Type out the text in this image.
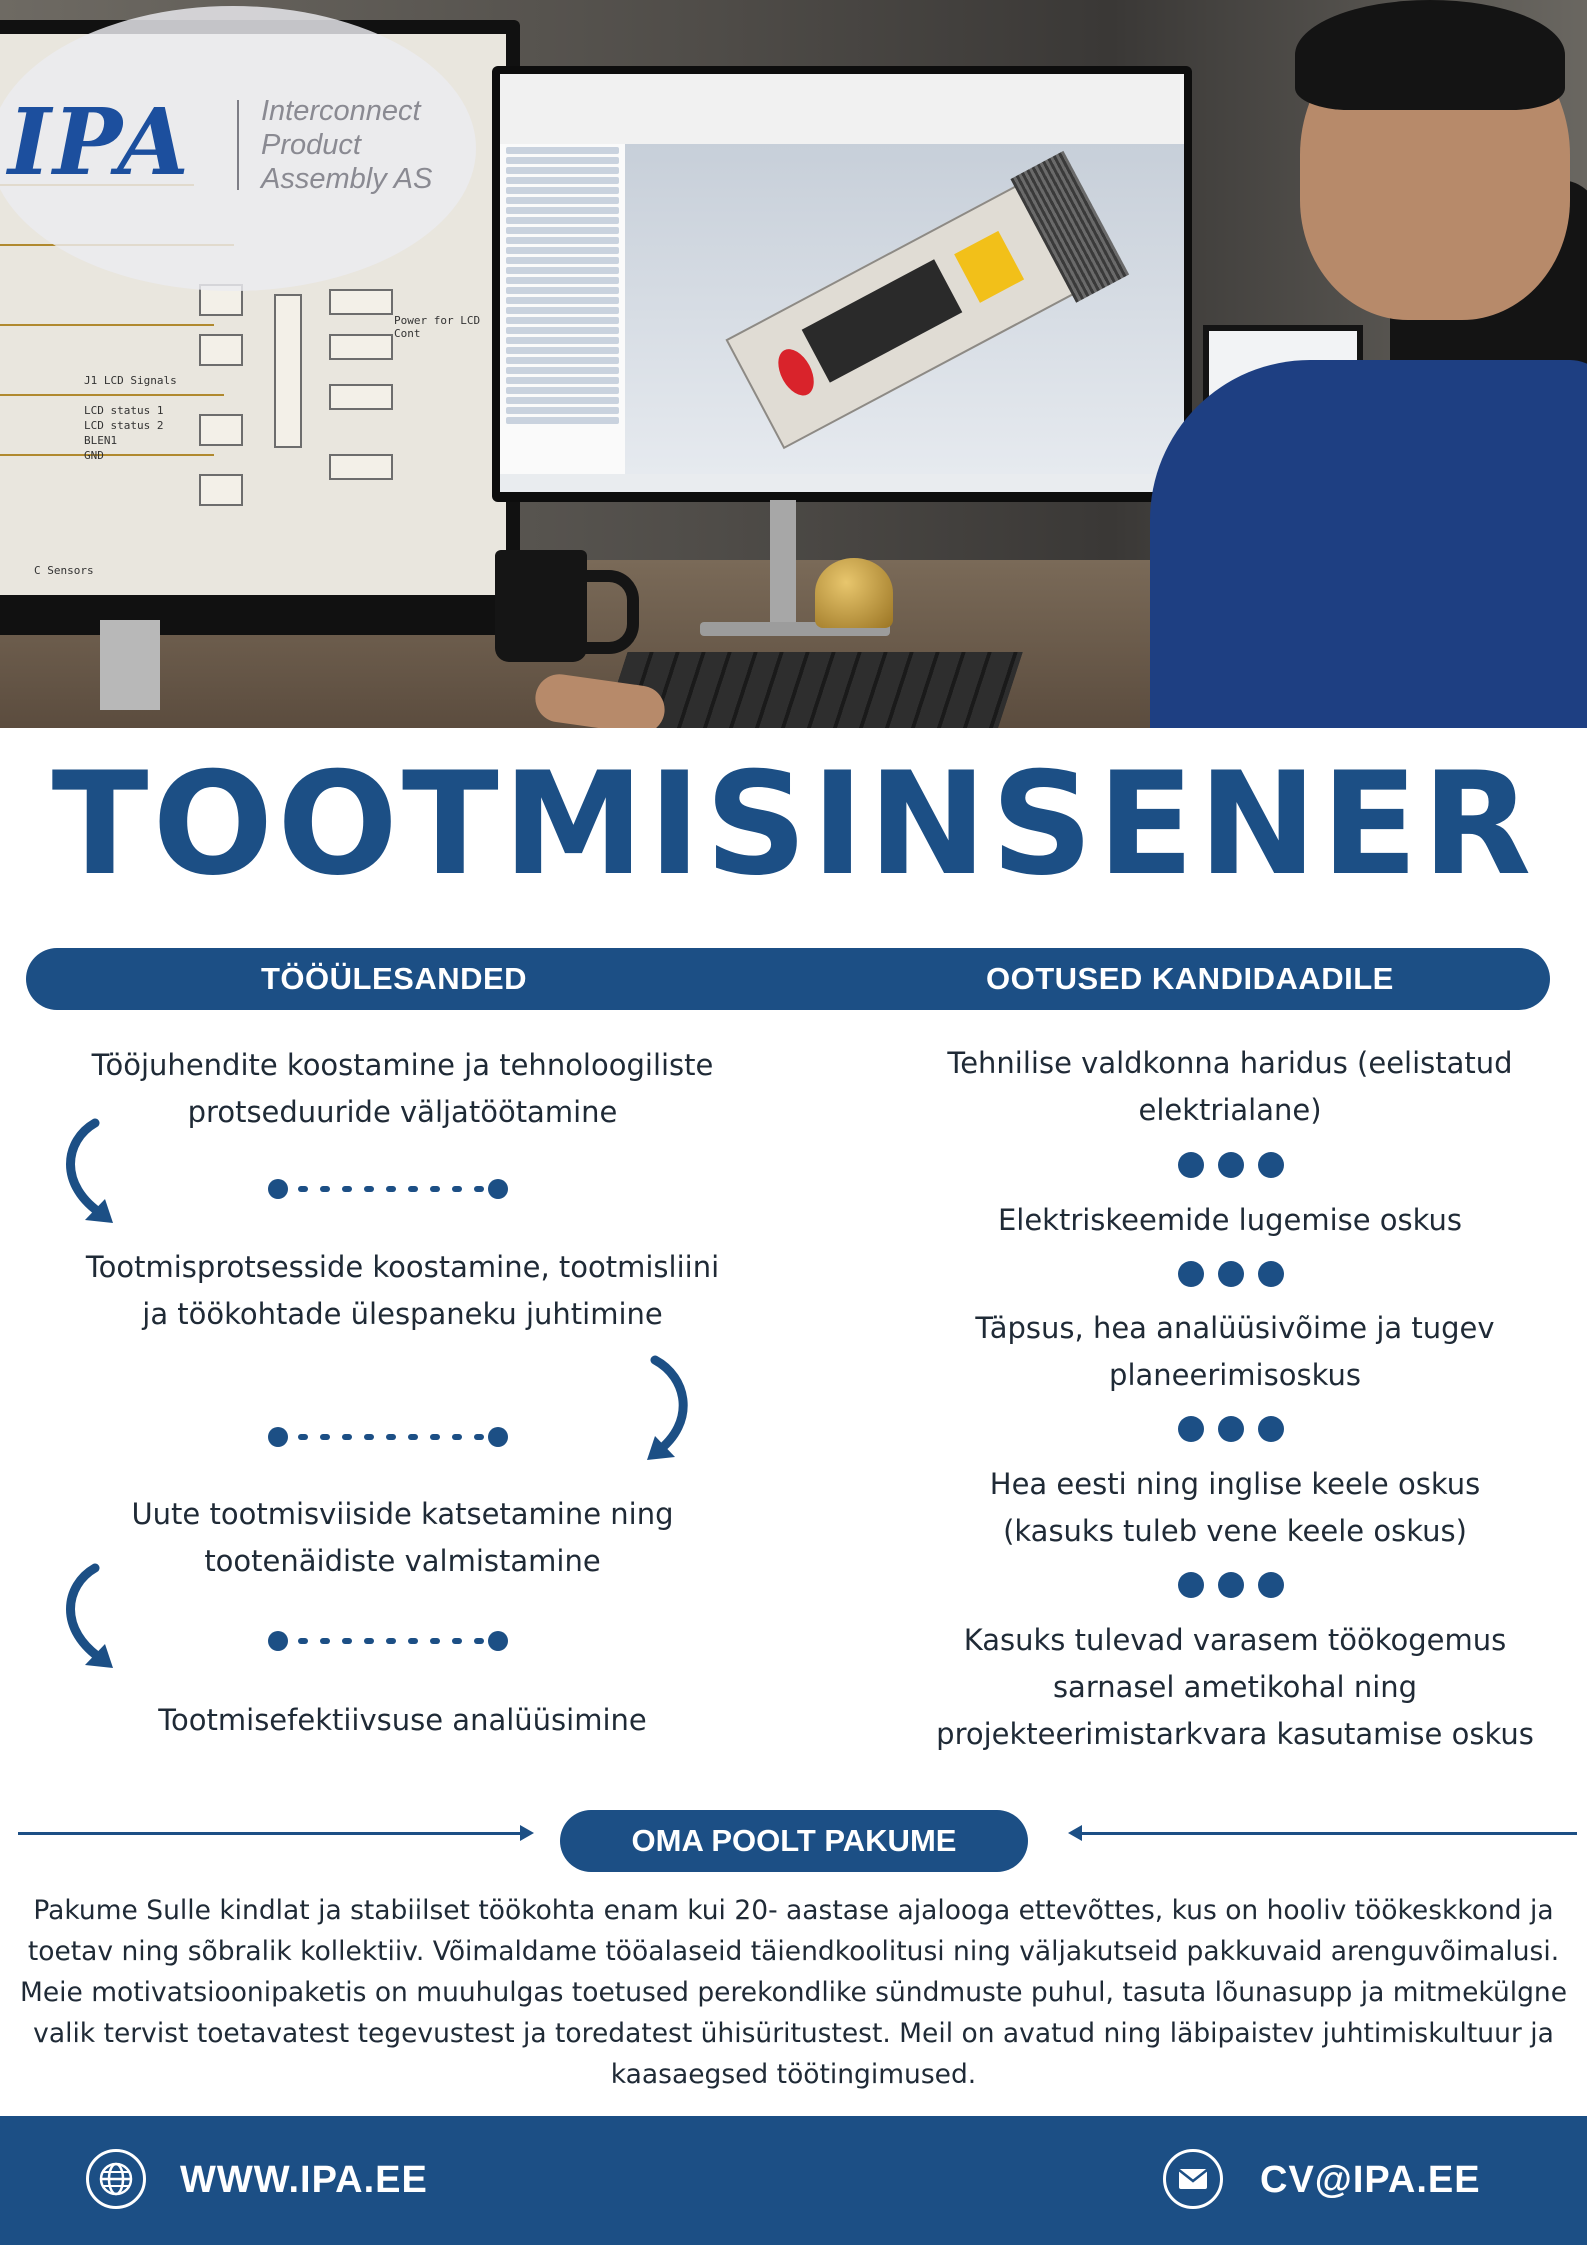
J1 LCD Signals
LCD status 1
LCD status 2
BLEN1
GND
Power for LCD Cont
C Sensors
IPA Interconnect
Product
Assembly AS
TOOTMISINSENER
TÖÖÜLESANDED	OOTUSED KANDIDAADILE
Tööjuhendite koostamine ja tehnoloogiliste protseduuride väljatöötamine
Tootmisprotsesside koostamine, tootmisliini ja töökohtade ülespaneku juhtimine
Uute tootmisviiside katsetamine ning tootenäidiste valmistamine
Tootmisefektiivsuse analüüsimine
Tehnilise valdkonna haridus (eelistatud elektrialane)
Elektriskeemide lugemise oskus
Täpsus, hea analüüsivõime ja tugev planeerimisoskus
Hea eesti ning inglise keele oskus (kasuks tuleb vene keele oskus)
Kasuks tulevad varasem töökogemus sarnasel ametikohal ning projekteerimistarkvara kasutamise oskus
OMA POOLT PAKUME
Pakume Sulle kindlat ja stabiilset töökohta enam kui 20- aastase ajalooga ettevõttes, kus on hooliv töökeskkond ja toetav ning sõbralik kollektiiv. Võimaldame tööalaseid täiendkoolitusi ning väljakutseid pakkuvaid arenguvõimalusi. Meie motivatsioonipaketis on muuhulgas toetused perekondlike sündmuste puhul, tasuta lõunasupp ja mitmekülgne valik tervist toetavatest tegevustest ja toredatest ühisüritustest. Meil on avatud ning läbipaistev juhtimiskultuur ja kaasaegsed töötingimused.
WWW.IPA.EE	CV@IPA.EE
